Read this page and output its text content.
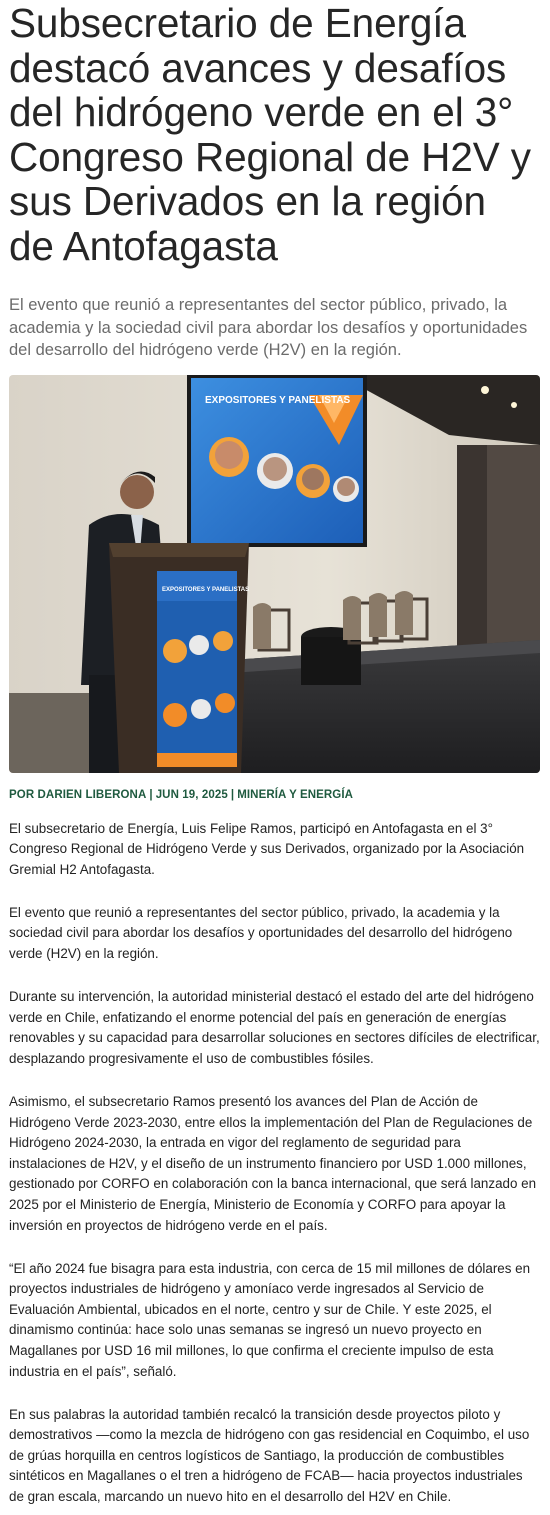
Subsecretario de Energía destacó avances y desafíos del hidrógeno verde en el 3° Congreso Regional de H2V y sus Derivados en la región de Antofagasta

El evento que reunió a representantes del sector público, privado, la academia y la sociedad civil para abordar los desafíos y oportunidades del desarrollo del hidrógeno verde (H2V) en la región.

EXPOSITORES Y PANELISTAS
EXPOSITORES Y PANELISTAS
POR DARIEN LIBERONA | JUN 19, 2025 | MINERÍA Y ENERGÍA

El subsecretario de Energía, Luis Felipe Ramos, participó en Antofagasta en el 3° Congreso Regional de Hidrógeno Verde y sus Derivados, organizado por la Asociación Gremial H2 Antofagasta.

El evento que reunió a representantes del sector público, privado, la academia y la sociedad civil para abordar los desafíos y oportunidades del desarrollo del hidrógeno verde (H2V) en la región.

Durante su intervención, la autoridad ministerial destacó el estado del arte del hidrógeno verde en Chile, enfatizando el enorme potencial del país en generación de energías renovables y su capacidad para desarrollar soluciones en sectores difíciles de electrificar, desplazando progresivamente el uso de combustibles fósiles.

Asimismo, el subsecretario Ramos presentó los avances del Plan de Acción de Hidrógeno Verde 2023-2030, entre ellos la implementación del Plan de Regulaciones de Hidrógeno 2024-2030, la entrada en vigor del reglamento de seguridad para instalaciones de H2V, y el diseño de un instrumento financiero por USD 1.000 millones, gestionado por CORFO en colaboración con la banca internacional, que será lanzado en 2025 por el Ministerio de Energía, Ministerio de Economía y CORFO para apoyar la inversión en proyectos de hidrógeno verde en el país.

“El año 2024 fue bisagra para esta industria, con cerca de 15 mil millones de dólares en proyectos industriales de hidrógeno y amoníaco verde ingresados al Servicio de Evaluación Ambiental, ubicados en el norte, centro y sur de Chile. Y este 2025, el dinamismo continúa: hace solo unas semanas se ingresó un nuevo proyecto en Magallanes por USD 16 mil millones, lo que confirma el creciente impulso de esta industria en el país”, señaló.

En sus palabras la autoridad también recalcó la transición desde proyectos piloto y demostrativos —como la mezcla de hidrógeno con gas residencial en Coquimbo, el uso de grúas horquilla en centros logísticos de Santiago, la producción de combustibles sintéticos en Magallanes o el tren a hidrógeno de FCAB— hacia proyectos industriales de gran escala, marcando un nuevo hito en el desarrollo del H2V en Chile.
